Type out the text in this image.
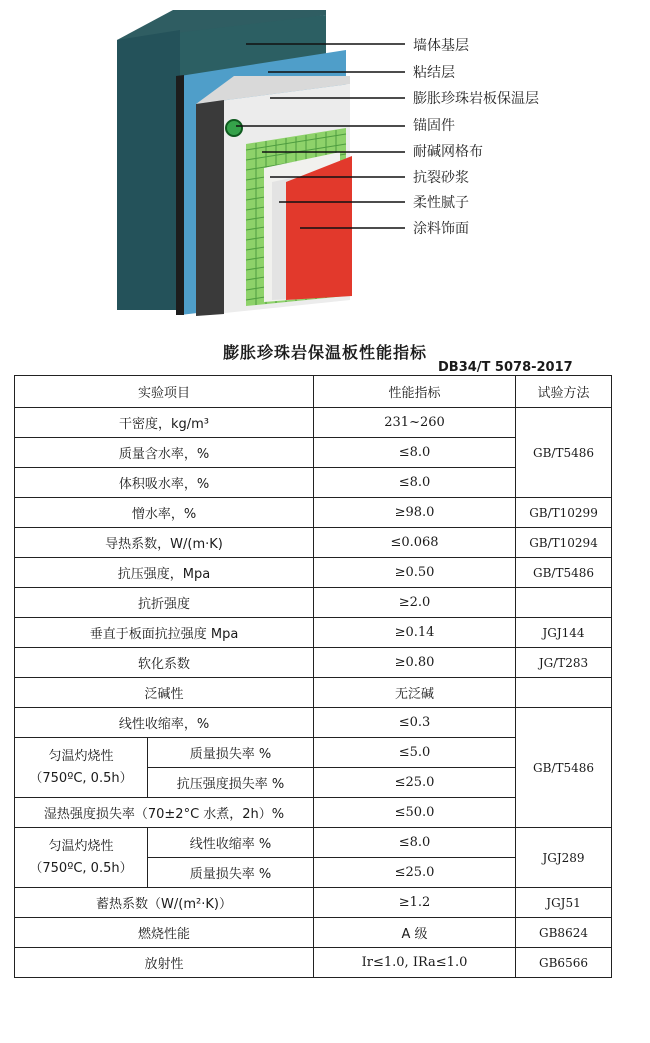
墙体基层
粘结层
膨胀珍珠岩板保温层
锚固件
耐碱网格布
抗裂砂浆
柔性腻子
涂料饰面
膨胀珍珠岩保温板性能指标
DB34/T 5078-2017
实验项目		性能指标	试验方法
干密度，kg/m³		231~260	GB/T5486
质量含水率，%		≤8.0	
体积吸水率，%		≤8.0	
憎水率，%		≥98.0	GB/T10299
导热系数，W/(m·K)		≤0.068	GB/T10294
抗压强度，Mpa		≥0.50	GB/T5486
抗折强度		≥2.0	
垂直于板面抗拉强度 Mpa		≥0.14	JGJ144
软化系数		≥0.80	JG/T283
泛碱性		无泛碱	
线性收缩率，%		≤0.3	GB/T5486
匀温灼烧性
（750ºC, 0.5h）	质量损失率 %	≤5.0	
	抗压强度损失率 %	≤25.0	
湿热强度损失率（70±2°C 水煮，2h）%		≤50.0	
匀温灼烧性
（750ºC, 0.5h）	线性收缩率 %	≤8.0	JGJ289
	质量损失率 %	≤25.0	
蓄热系数（W/(m²·K)）		≥1.2	JGJ51
燃烧性能		A 级	GB8624
放射性		Ir≤1.0, IRa≤1.0	GB6566
